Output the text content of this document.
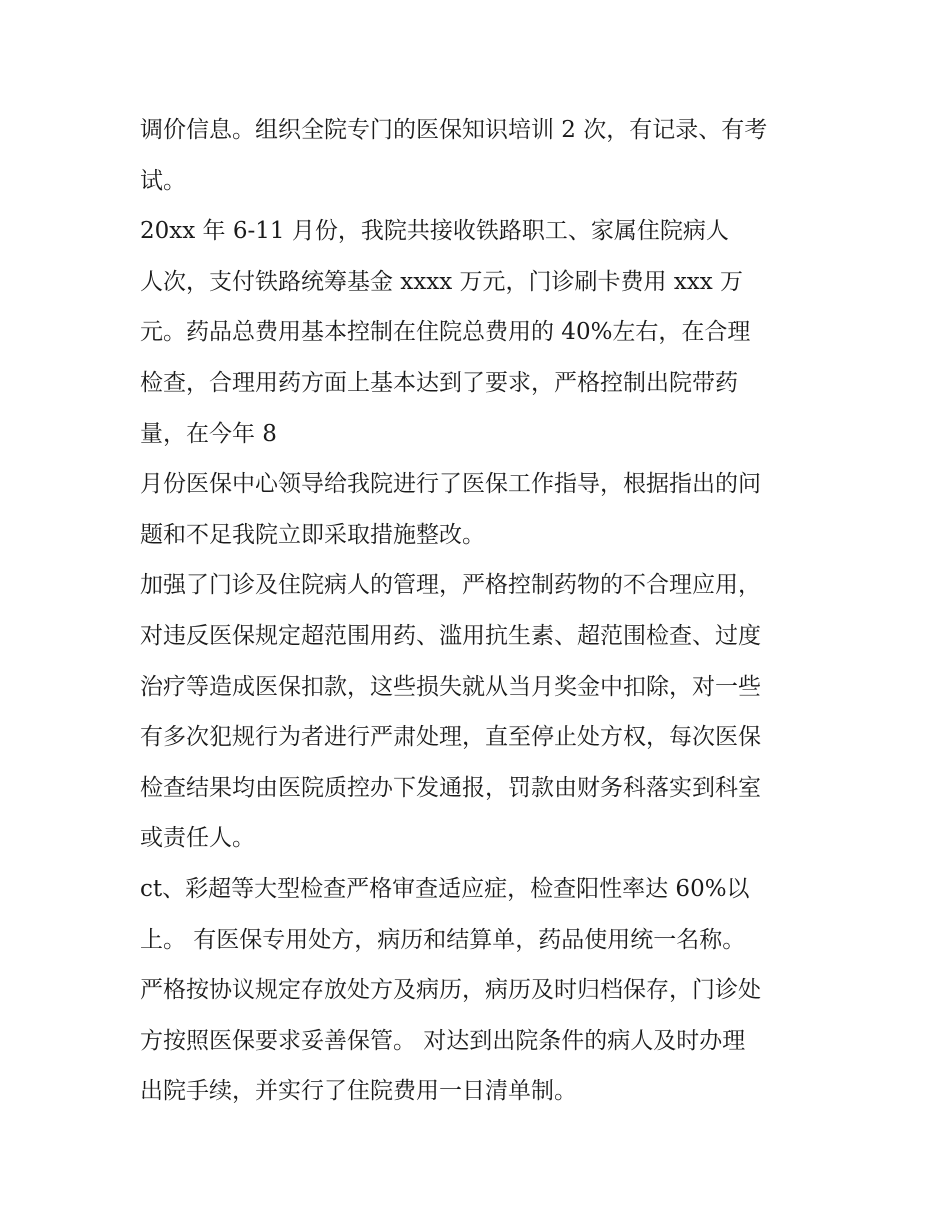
调价信息。组织全院专门的医保知识培训 2 次，有记录、有考
试。
20xx 年 6-11 月份，我院共接收铁路职工、家属住院病人
人次，支付铁路统筹基金 xxxx 万元，门诊刷卡费用 xxx 万
元。药品总费用基本控制在住院总费用的 40%左右，在合理
检查，合理用药方面上基本达到了要求，严格控制出院带药
量，在今年 8
月份医保中心领导给我院进行了医保工作指导，根据指出的问
题和不足我院立即采取措施整改。
加强了门诊及住院病人的管理，严格控制药物的不合理应用，
对违反医保规定超范围用药、滥用抗生素、超范围检查、过度
治疗等造成医保扣款，这些损失就从当月奖金中扣除，对一些
有多次犯规行为者进行严肃处理，直至停止处方权，每次医保
检查结果均由医院质控办下发通报，罚款由财务科落实到科室
或责任人。
ct、彩超等大型检查严格审查适应症，检查阳性率达 60%以
上。 有医保专用处方，病历和结算单，药品使用统一名称。
严格按协议规定存放处方及病历，病历及时归档保存，门诊处
方按照医保要求妥善保管。 对达到出院条件的病人及时办理
出院手续，并实行了住院费用一日清单制。
